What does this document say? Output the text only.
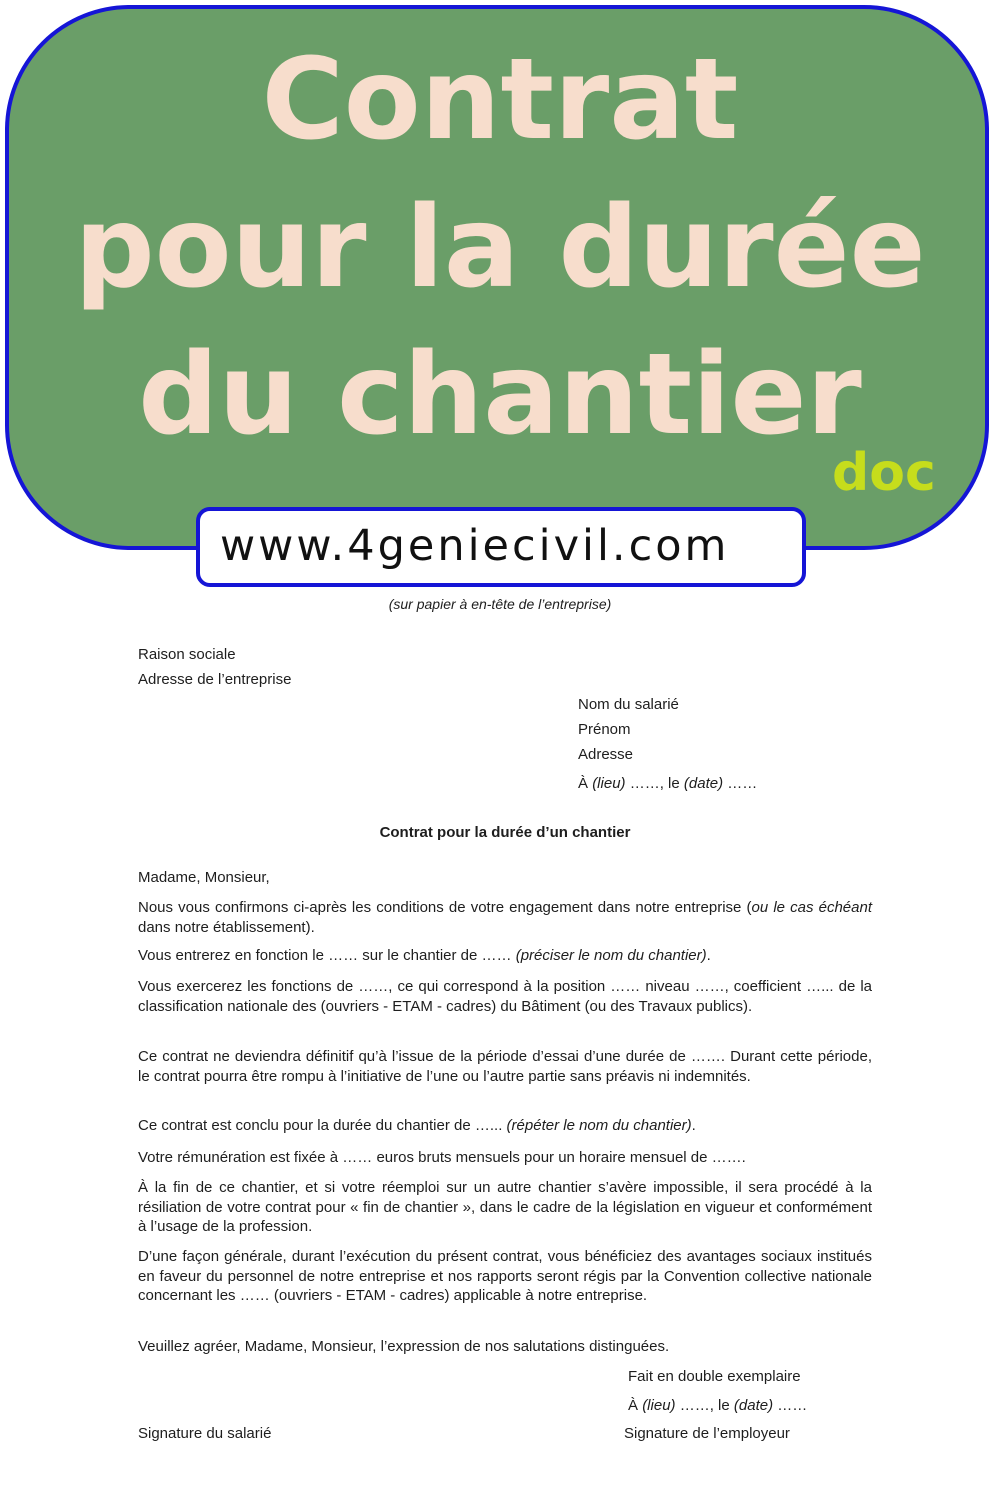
Contrat
pour la durée
du chantier
doc
www.4geniecivil.com
(sur papier à en-tête de l’entreprise)
Raison sociale
Adresse de l’entreprise
Nom du salarié
Prénom
Adresse
À (lieu) ……, le (date) ……
Contrat pour la durée d’un chantier
Madame, Monsieur,

Nous vous confirmons ci-après les conditions de votre engagement dans notre entreprise (ou le cas échéant dans notre établissement).

Vous entrerez en fonction le …… sur le chantier de …… (préciser le nom du chantier).

Vous exercerez les fonctions de ……, ce qui correspond à la position …… niveau ……, coefficient …... de la classification nationale des (ouvriers - ETAM - cadres) du Bâtiment (ou des Travaux publics).

Ce contrat ne deviendra définitif qu’à l’issue de la période d’essai d’une durée de ……. Durant cette période, le contrat pourra être rompu à l’initiative de l’une ou l’autre partie sans préavis ni indemnités.

Ce contrat est conclu pour la durée du chantier de …... (répéter le nom du chantier).

Votre rémunération est fixée à …… euros bruts mensuels pour un horaire mensuel de …….

À la fin de ce chantier, et si votre réemploi sur un autre chantier s’avère impossible, il sera procédé à la résiliation de votre contrat pour « fin de chantier », dans le cadre de la législation en vigueur et conformément à l’usage de la profession.

D’une façon générale, durant l’exécution du présent contrat, vous bénéficiez des avantages sociaux institués en faveur du personnel de notre entreprise et nos rapports seront régis par la Convention collective nationale concernant les …… (ouvriers - ETAM - cadres) applicable à notre entreprise.

Veuillez agréer, Madame, Monsieur, l’expression de nos salutations distinguées.

Fait en double exemplaire
À (lieu) ……, le (date) ……
Signature du salarié	Signature de l’employeur
